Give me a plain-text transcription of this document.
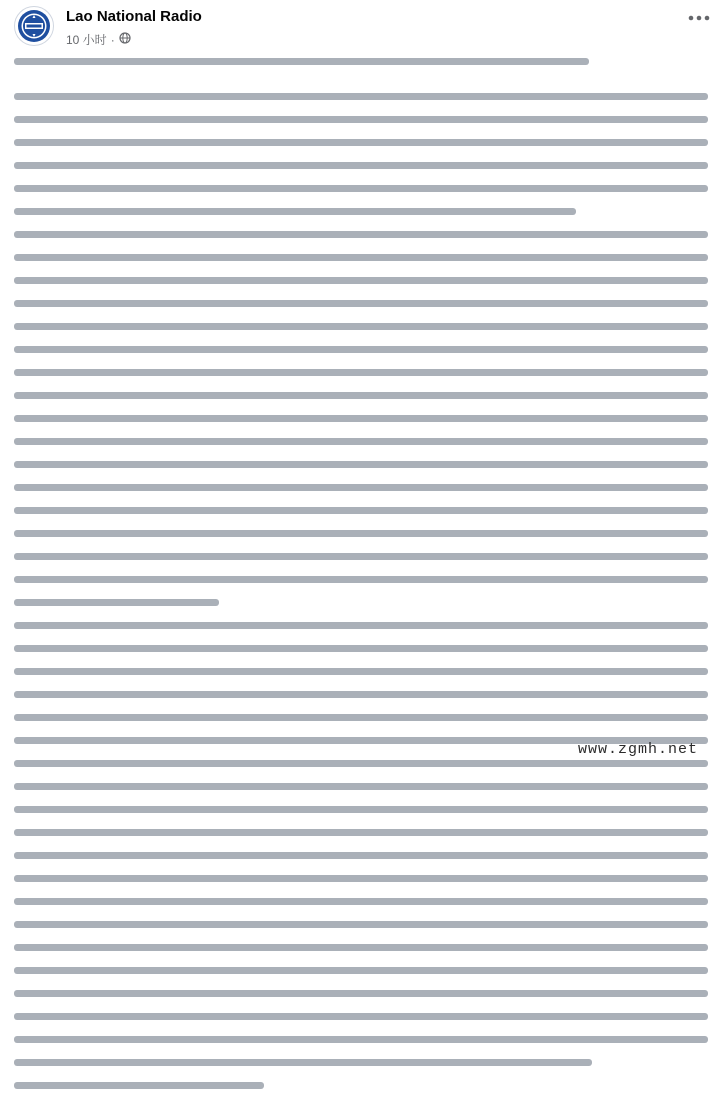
Lao National Radio
10 小时 ·
www.zgmh.net
